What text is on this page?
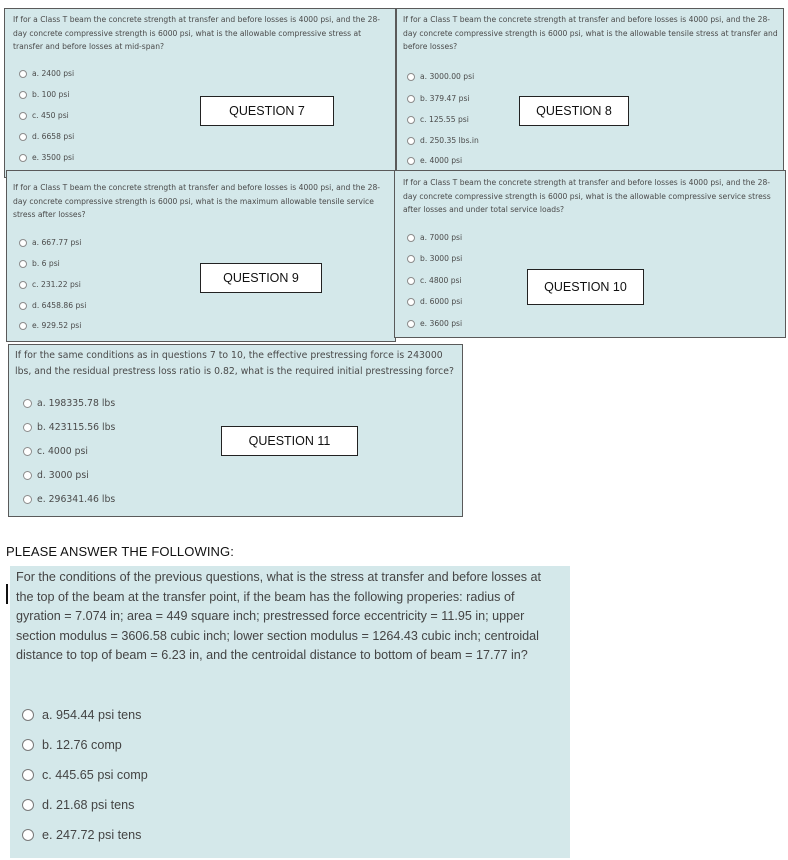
If for a Class T beam the concrete strength at transfer and before losses is 4000 psi, and the 28-day concrete compressive strength is 6000 psi, what is the allowable compressive stress at transfer and before losses at mid-span?

a. 2400 psi
b. 100 psi
c. 450 psi
d. 6658 psi
e. 3500 psi
QUESTION 7

If for a Class T beam the concrete strength at transfer and before losses is 4000 psi, and the 28-day concrete compressive strength is 6000 psi, what is the allowable tensile stress at transfer and before losses?

a. 3000.00 psi
b. 379.47 psi
c. 125.55 psi
d. 250.35 lbs.in
e. 4000 psi
QUESTION 8

If for a Class T beam the concrete strength at transfer and before losses is 4000 psi, and the 28-day concrete compressive strength is 6000 psi, what is the maximum allowable tensile service stress after losses?

a. 667.77 psi
b. 6 psi
c. 231.22 psi
d. 6458.86 psi
e. 929.52 psi
QUESTION 9

If for a Class T beam the concrete strength at transfer and before losses is 4000 psi, and the 28-day concrete compressive strength is 6000 psi, what is the allowable compressive service stress after losses and under total service loads?

a. 7000 psi
b. 3000 psi
c. 4800 psi
d. 6000 psi
e. 3600 psi
QUESTION 10

If for the same conditions as in questions 7 to 10, the effective prestressing force is 243000 lbs, and the residual prestress loss ratio is 0.82, what is the required initial prestressing force?

a. 198335.78 lbs
b. 423115.56 lbs
c. 4000 psi
d. 3000 psi
e. 296341.46 lbs
QUESTION 11
PLEASE ANSWER THE FOLLOWING:

For the conditions of the previous questions, what is the stress at transfer and before losses at the top of the beam at the transfer point, if the beam has the following properies: radius of gyration = 7.074 in; area = 449 square inch; prestressed force eccentricity = 11.95 in; upper section modulus = 3606.58 cubic inch; lower section modulus = 1264.43 cubic inch; centroidal distance to top of beam = 6.23 in, and the centroidal distance to bottom of beam = 17.77 in?

a. 954.44 psi tens
b. 12.76 comp
c. 445.65 psi comp
d. 21.68 psi tens
e. 247.72 psi tens
